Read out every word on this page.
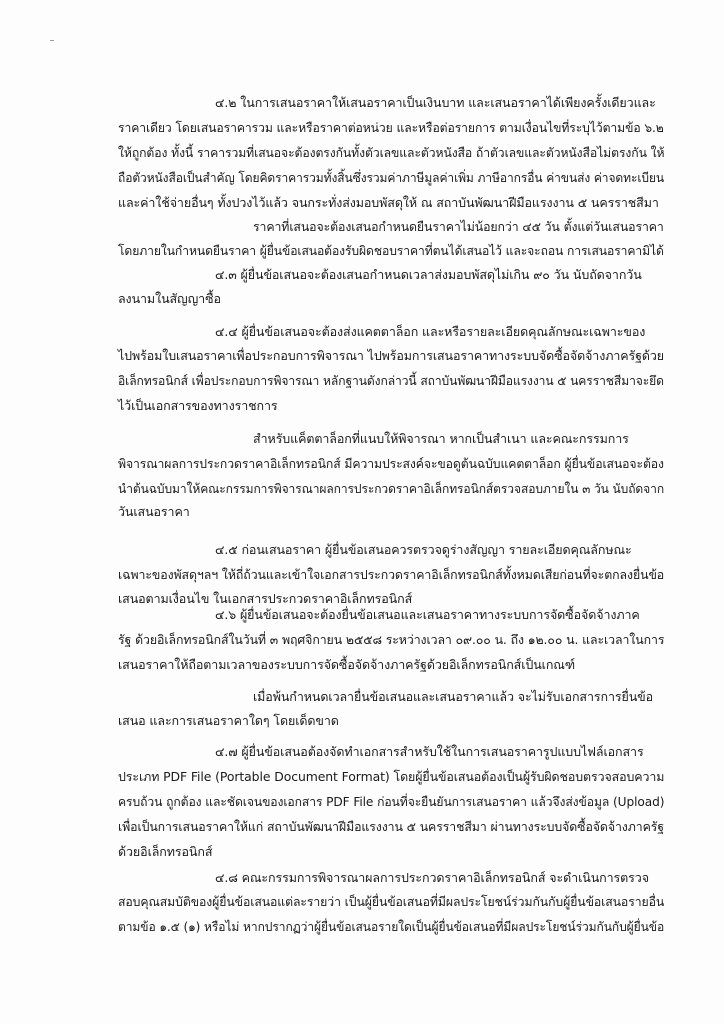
๔.๒ ในการเสนอราคาให้เสนอราคาเป็นเงินบาท และเสนอราคาได้เพียงครั้งเดียวและ
ราคาเดียว โดยเสนอราคารวม และหรือราคาต่อหน่วย และหรือต่อรายการ ตามเงื่อนไขที่ระบุไว้ตามข้อ ๖.๒
ให้ถูกต้อง ทั้งนี้ ราคารวมที่เสนอจะต้องตรงกันทั้งตัวเลขและตัวหนังสือ ถ้าตัวเลขและตัวหนังสือไม่ตรงกัน ให้
ถือตัวหนังสือเป็นสำคัญ โดยคิดราคารวมทั้งสิ้นซึ่งรวมค่าภาษีมูลค่าเพิ่ม ภาษีอากรอื่น ค่าขนส่ง ค่าจดทะเบียน
และค่าใช้จ่ายอื่นๆ ทั้งปวงไว้แล้ว จนกระทั่งส่งมอบพัสดุให้ ณ สถาบันพัฒนาฝีมือแรงงาน ๕ นครราชสีมา
ราคาที่เสนอจะต้องเสนอกำหนดยืนราคาไม่น้อยกว่า ๔๕ วัน ตั้งแต่วันเสนอราคา
โดยภายในกำหนดยืนราคา ผู้ยื่นข้อเสนอต้องรับผิดชอบราคาที่ตนได้เสนอไว้ และจะถอน การเสนอราคามิได้
๔.๓ ผู้ยื่นข้อเสนอจะต้องเสนอกำหนดเวลาส่งมอบพัสดุไม่เกิน ๙๐ วัน นับถัดจากวัน
ลงนามในสัญญาซื้อ
๔.๔ ผู้ยื่นข้อเสนอจะต้องส่งแคตตาล็อก และหรือรายละเอียดคุณลักษณะเฉพาะของ
ไปพร้อมใบเสนอราคาเพื่อประกอบการพิจารณา ไปพร้อมการเสนอราคาทางระบบจัดซื้อจัดจ้างภาครัฐด้วย
อิเล็กทรอนิกส์ เพื่อประกอบการพิจารณา หลักฐานดังกล่าวนี้ สถาบันพัฒนาฝีมือแรงงาน ๕ นครราชสีมาจะยึด
ไว้เป็นเอกสารของทางราชการ
สำหรับแค็ตตาล็อกที่แนบให้พิจารณา หากเป็นสำเนา และคณะกรรมการ
พิจารณาผลการประกวดราคาอิเล็กทรอนิกส์ มีความประสงค์จะขอดูต้นฉบับแคตตาล็อก ผู้ยื่นข้อเสนอจะต้อง
นำต้นฉบับมาให้คณะกรรมการพิจารณาผลการประกวดราคาอิเล็กทรอนิกส์ตรวจสอบภายใน ๓ วัน นับถัดจาก
วันเสนอราคา
๔.๕ ก่อนเสนอราคา ผู้ยื่นข้อเสนอควรตรวจดูร่างสัญญา รายละเอียดคุณลักษณะ
เฉพาะของพัสดุฯลฯ ให้ถี่ถ้วนและเข้าใจเอกสารประกวดราคาอิเล็กทรอนิกส์ทั้งหมดเสียก่อนที่จะตกลงยื่นข้อ
เสนอตามเงื่อนไข ในเอกสารประกวดราคาอิเล็กทรอนิกส์
๔.๖ ผู้ยื่นข้อเสนอจะต้องยื่นข้อเสนอและเสนอราคาทางระบบการจัดซื้อจัดจ้างภาค
รัฐ ด้วยอิเล็กทรอนิกส์ในวันที่ ๓ พฤศจิกายน ๒๕๕๘ ระหว่างเวลา ๐๙.๐๐ น. ถึง ๑๒.๐๐ น. และเวลาในการ
เสนอราคาให้ถือตามเวลาของระบบการจัดซื้อจัดจ้างภาครัฐด้วยอิเล็กทรอนิกส์เป็นเกณฑ์
เมื่อพ้นกำหนดเวลายื่นข้อเสนอและเสนอราคาแล้ว จะไม่รับเอกสารการยื่นข้อ
เสนอ และการเสนอราคาใดๆ โดยเด็ดขาด
๔.๗ ผู้ยื่นข้อเสนอต้องจัดทำเอกสารสำหรับใช้ในการเสนอราคารูปแบบไฟล์เอกสาร
ประเภท PDF File (Portable Document Format) โดยผู้ยื่นข้อเสนอต้องเป็นผู้รับผิดชอบตรวจสอบความ
ครบถ้วน ถูกต้อง และชัดเจนของเอกสาร PDF File ก่อนที่จะยืนยันการเสนอราคา แล้วจึงส่งข้อมูล (Upload)
เพื่อเป็นการเสนอราคาให้แก่ สถาบันพัฒนาฝีมือแรงงาน ๕ นครราชสีมา ผ่านทางระบบจัดซื้อจัดจ้างภาครัฐ
ด้วยอิเล็กทรอนิกส์
๔.๘ คณะกรรมการพิจารณาผลการประกวดราคาอิเล็กทรอนิกส์ จะดำเนินการตรวจ
สอบคุณสมบัติของผู้ยื่นข้อเสนอแต่ละรายว่า เป็นผู้ยื่นข้อเสนอที่มีผลประโยชน์ร่วมกันกับผู้ยื่นข้อเสนอรายอื่น
ตามข้อ ๑.๕ (๑) หรือไม่ หากปรากฏว่าผู้ยื่นข้อเสนอรายใดเป็นผู้ยื่นข้อเสนอที่มีผลประโยชน์ร่วมกันกับผู้ยื่นข้อ
